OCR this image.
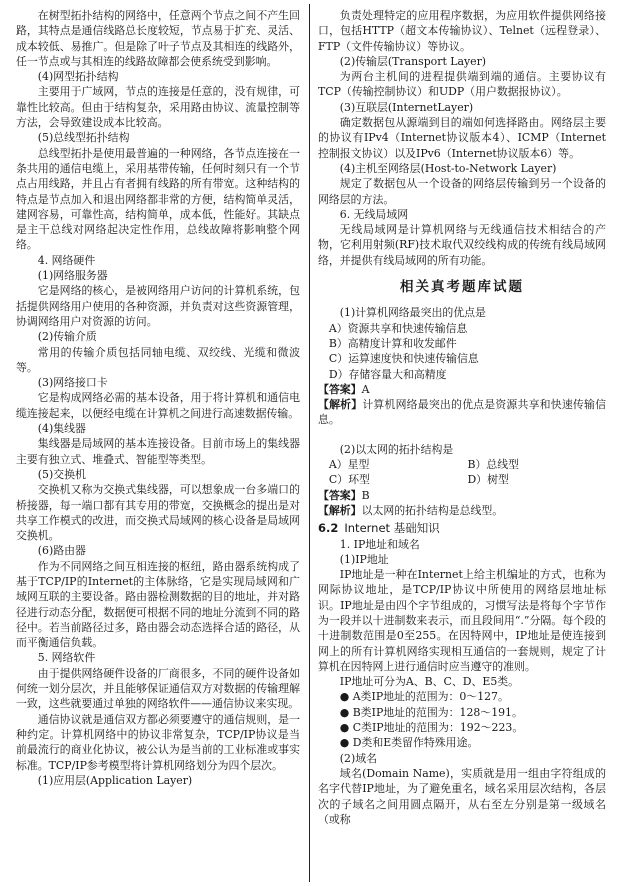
在树型拓扑结构的网络中，任意两个节点之间不产生回路，其特点是通信线路总长度较短，节点易于扩充、灵活、成本较低、易推广。但是除了叶子节点及其相连的线路外，任一节点或与其相连的线路故障都会使系统受到影响。

(4)网型拓扑结构

主要用于广域网，节点的连接是任意的，没有规律，可靠性比较高。但由于结构复杂，采用路由协议、流量控制等方法，会导致建设成本比较高。

(5)总线型拓扑结构

总线型拓扑是使用最普遍的一种网络，各节点连接在一条共用的通信电缆上，采用基带传输，任何时刻只有一个节点占用线路，并且占有者拥有线路的所有带宽。这种结构的特点是节点加入和退出网络都非常的方便，结构简单灵活，建网容易，可靠性高，结构简单，成本低，性能好。其缺点是主干总线对网络起决定性作用，总线故障将影响整个网络。

4. 网络硬件

(1)网络服务器

它是网络的核心，是被网络用户访问的计算机系统，包括提供网络用户使用的各种资源，并负责对这些资源管理，协调网络用户对资源的访问。

(2)传输介质

常用的传输介质包括同轴电缆、双绞线、光缆和微波等。

(3)网络接口卡

它是构成网络必需的基本设备，用于将计算机和通信电缆连接起来，以便经电缆在计算机之间进行高速数据传输。

(4)集线器

集线器是局域网的基本连接设备。目前市场上的集线器主要有独立式、堆叠式、智能型等类型。

(5)交换机

交换机又称为交换式集线器，可以想象成一台多端口的桥接器，每一端口都有其专用的带宽，交换概念的提出是对共享工作模式的改进，而交换式局域网的核心设备是局域网交换机。

(6)路由器

作为不同网络之间互相连接的枢纽，路由器系统构成了基于TCP/IP的Internet的主体脉络，它是实现局域网和广域网互联的主要设备。路由器检测数据的目的地址，并对路径进行动态分配，数据便可根据不同的地址分流到不同的路径中。若当前路径过多，路由器会动态选择合适的路径，从而平衡通信负载。

5. 网络软件

由于提供网络硬件设备的厂商很多，不同的硬件设备如何统一划分层次，并且能够保证通信双方对数据的传输理解一致，这些就要通过单独的网络软件——通信协议来实现。

通信协议就是通信双方都必须要遵守的通信规则，是一种约定。计算机网络中的协议非常复杂，TCP/IP协议是当前最流行的商业化协议，被公认为是当前的工业标准或事实标准。TCP/IP参考模型将计算机网络划分为四个层次。

(1)应用层(Application Layer)

负责处理特定的应用程序数据，为应用软件提供网络接口，包括HTTP（超文本传输协议）、Telnet（远程登录）、FTP（文件传输协议）等协议。

(2)传输层(Transport Layer)

为两台主机间的进程提供端到端的通信。主要协议有TCP（传输控制协议）和UDP（用户数据报协议）。

(3)互联层(InternetLayer)

确定数据包从源端到目的端如何选择路由。网络层主要的协议有IPv4（Internet协议版本4）、ICMP（Internet控制报文协议）以及IPv6（Internet协议版本6）等。

(4)主机至网络层(Host-to-Network Layer)

规定了数据包从一个设备的网络层传输到另一个设备的网络层的方法。

6. 无线局域网

无线局域网是计算机网络与无线通信技术相结合的产物，它利用射频(RF)技术取代双绞线构成的传统有线局域网络，并提供有线局域网的所有功能。

相关真考题库试题

(1)计算机网络最突出的优点是

A）资源共享和快速传输信息

B）高精度计算和收发邮件

C）运算速度快和快速传输信息

D）存储容量大和高精度

【答案】A

【解析】计算机网络最突出的优点是资源共享和快速传输信息。

(2)以太网的拓扑结构是

A）星型	B）总线型
C）环型	D）树型

【答案】B

【解析】以太网的拓扑结构是总线型。

6.2 Internet 基础知识

1. IP地址和域名

(1)IP地址

IP地址是一种在Internet上给主机编址的方式，也称为网际协议地址，是TCP/IP协议中所使用的网络层地址标识。IP地址是由四个字节组成的，习惯写法是将每个字节作为一段并以十进制数来表示，而且段间用“.”分隔。每个段的十进制数范围是0至255。在因特网中，IP地址是使连接到网上的所有计算机网络实现相互通信的一套规则，规定了计算机在因特网上进行通信时应当遵守的准则。

IP地址可分为A、B、C、D、E5类。

● A类IP地址的范围为：0～127。

● B类IP地址的范围为：128～191。

● C类IP地址的范围为：192～223。

● D类和E类留作特殊用途。

(2)域名

域名(Domain Name)，实质就是用一组由字符组成的名字代替IP地址，为了避免重名，域名采用层次结构，各层次的子域名之间用圆点隔开，从右至左分别是第一级域名（或称
